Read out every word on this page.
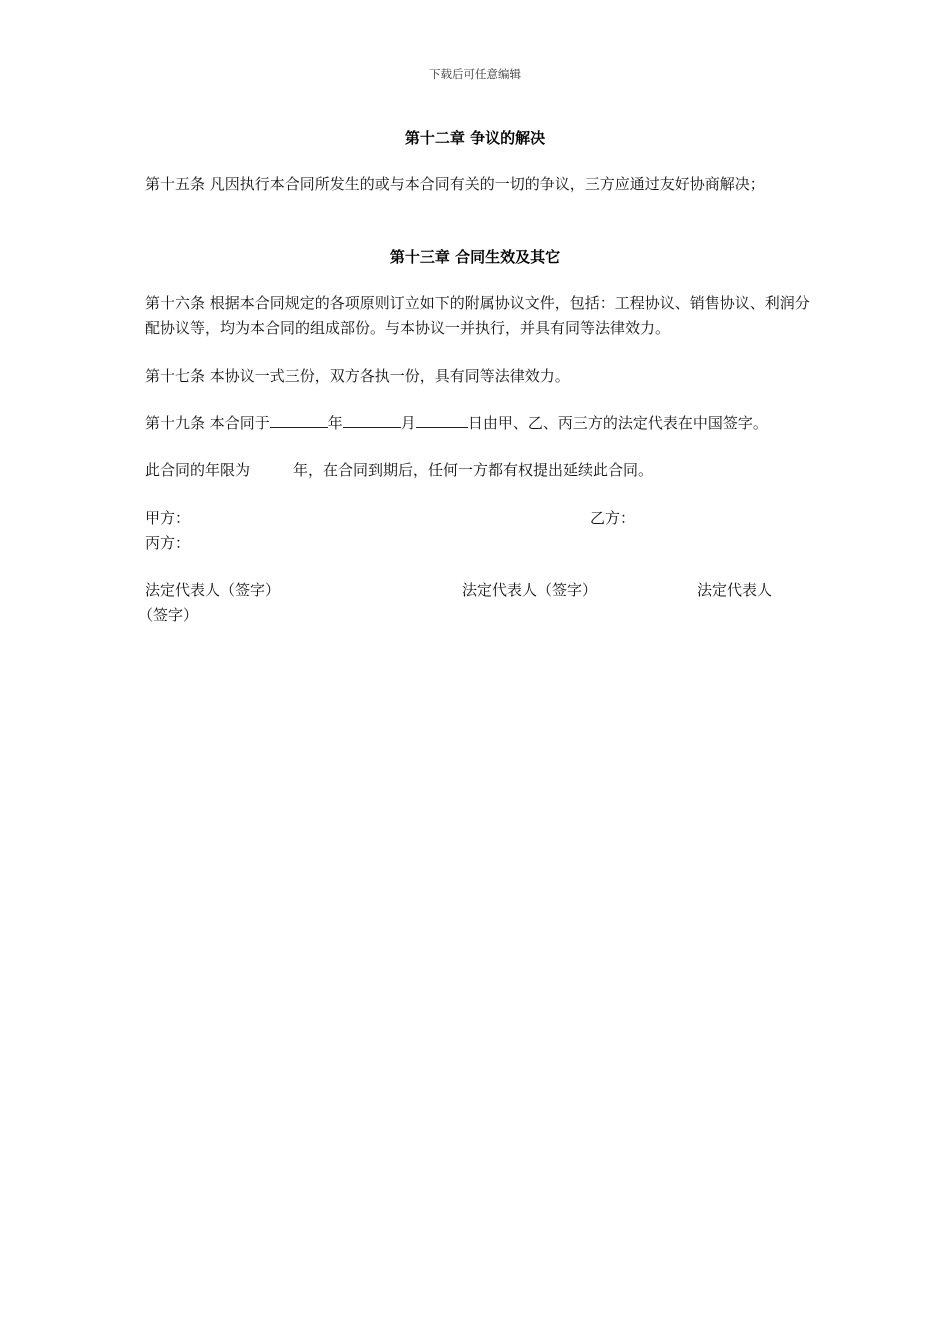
下载后可任意编辑
第十二章 争议的解决

第十五条 凡因执行本合同所发生的或与本合同有关的一切的争议，三方应通过友好协商解决；

第十三章 合同生效及其它

第十六条 根据本合同规定的各项原则订立如下的附属协议文件，包括：工程协议、销售协议、利润分配协议等，均为本合同的组成部份。与本协议一并执行，并具有同等法律效力。

第十七条 本协议一式三份，双方各执一份，具有同等法律效力。
第十九条 本合同于	年	月	日由甲、乙、丙三方的法定代表在中国签字。
此合同的年限为	年，在合同到期后，任何一方都有权提出延续此合同。
甲方：	乙方：
丙方：
法定代表人（签字）	法定代表人（签字）	法定代表人
（签字）
